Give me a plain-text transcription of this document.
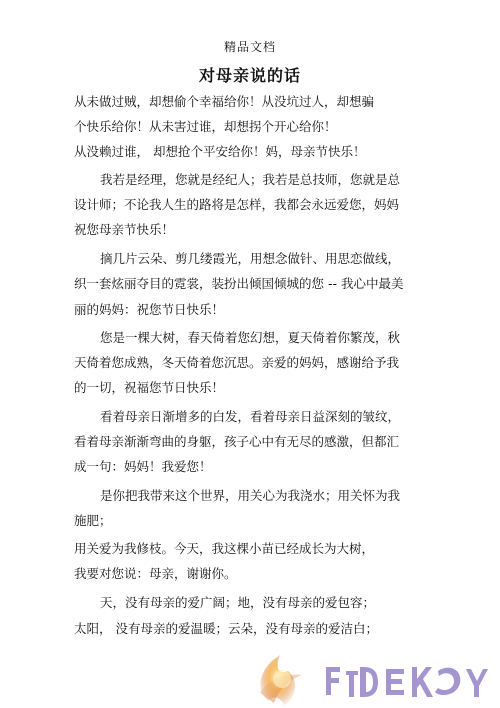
精品文档
对母亲说的话
从未做过贼，却想偷个幸福给你！从没坑过人，却想骗
个快乐给你！从未害过谁，却想拐个开心给你！
从没赖过谁， 却想抢个平安给你！妈，母亲节快乐！
我若是经理，您就是经纪人；我若是总技师，您就是总
设计师；不论我人生的路将是怎样，我都会永远爱您，妈妈
祝您母亲节快乐！
摘几片云朵、剪几缕霞光，用想念做针、用思恋做线，
织一套炫丽夺目的霓裳，装扮出倾国倾城的您 -- 我心中最美
丽的妈妈：祝您节日快乐！
您是一棵大树，春天倚着您幻想，夏天倚着你繁茂，秋
天倚着您成熟，冬天倚着您沉思。亲爱的妈妈，感谢给予我
的一切，祝福您节日快乐！
看着母亲日渐增多的白发，看着母亲日益深刻的皱纹，
看着母亲渐渐弯曲的身躯，孩子心中有无尽的感激，但都汇
成一句：妈妈！我爱您！
是你把我带来这个世界，用关心为我浇水；用关怀为我
施肥；
用关爱为我修枝。今天，我这棵小苗已经成长为大树，
我要对您说：母亲，谢谢你。
天，没有母亲的爱广阔；地，没有母亲的爱包容；
太阳， 没有母亲的爱温暖；云朵，没有母亲的爱洁白；
